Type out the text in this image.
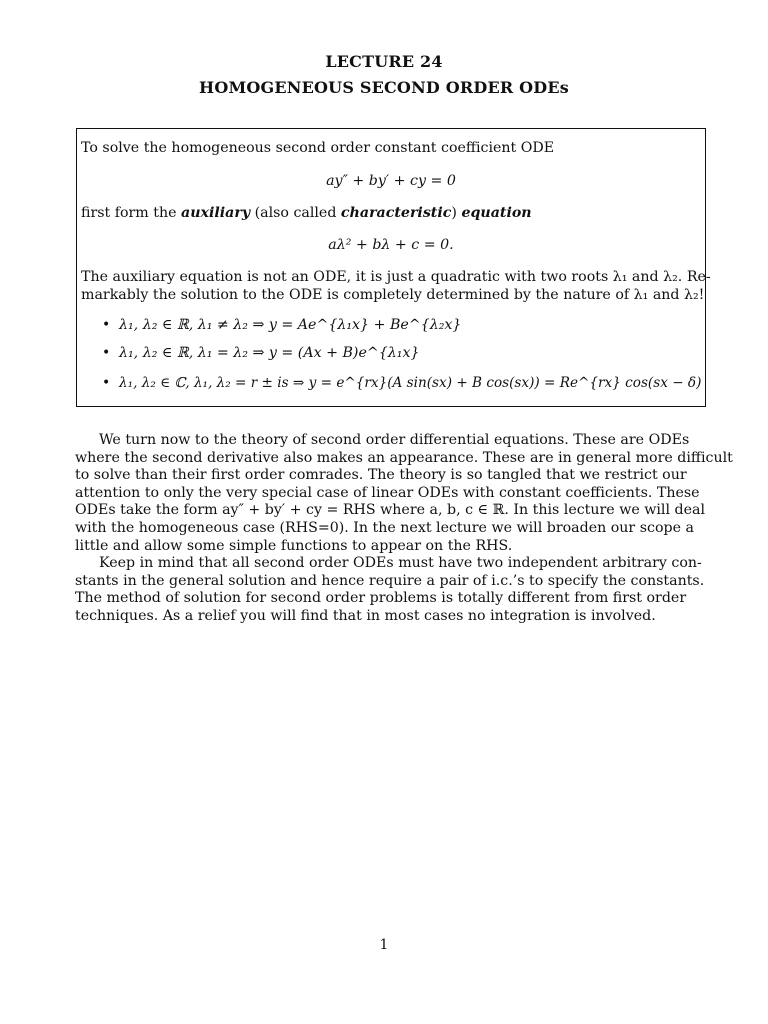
LECTURE 24
HOMOGENEOUS SECOND ORDER ODEs
To solve the homogeneous second order constant coefficient ODE
ay″ + by′ + cy = 0
first form the auxiliary (also called characteristic) equation
aλ² + bλ + c = 0.
The auxiliary equation is not an ODE, it is just a quadratic with two roots λ₁ and λ₂. Re-
markably the solution to the ODE is completely determined by the nature of λ₁ and λ₂!
• λ₁, λ₂ ∈ ℝ, λ₁ ≠ λ₂ ⇒ y = Ae^{λ₁x} + Be^{λ₂x}
• λ₁, λ₂ ∈ ℝ, λ₁ = λ₂ ⇒ y = (Ax + B)e^{λ₁x}
• λ₁, λ₂ ∈ ℂ, λ₁, λ₂ = r ± is ⇒ y = e^{rx}(A sin(sx) + B cos(sx)) = Re^{rx} cos(sx − δ)
We turn now to the theory of second order differential equations. These are ODEs
where the second derivative also makes an appearance. These are in general more difficult
to solve than their first order comrades. The theory is so tangled that we restrict our
attention to only the very special case of linear ODEs with constant coefficients. These
ODEs take the form ay″ + by′ + cy = RHS where a, b, c ∈ ℝ. In this lecture we will deal
with the homogeneous case (RHS=0). In the next lecture we will broaden our scope a
little and allow some simple functions to appear on the RHS.
Keep in mind that all second order ODEs must have two independent arbitrary con-
stants in the general solution and hence require a pair of i.c.’s to specify the constants.
The method of solution for second order problems is totally different from first order
techniques. As a relief you will find that in most cases no integration is involved.
1
